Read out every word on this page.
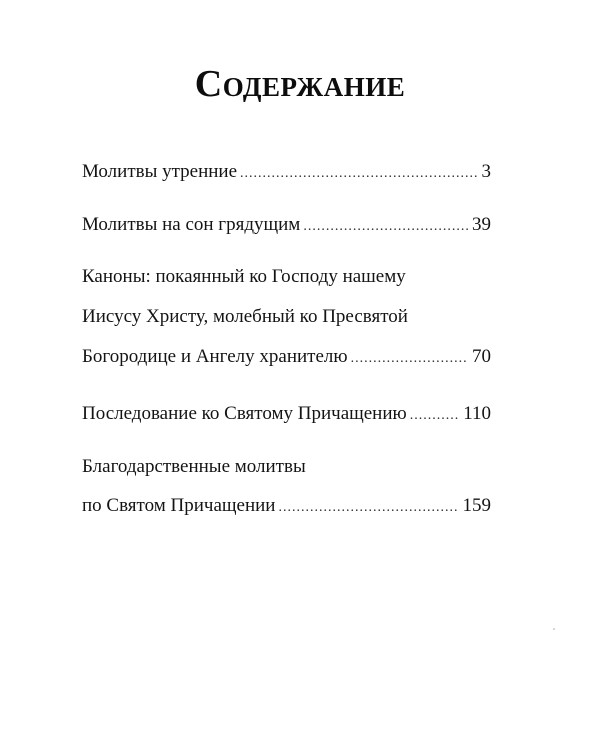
Содержание
Молитвы утренние .....	3
Молитвы на сон грядущим .....	39
Каноны: покаянный ко Господу нашему
Иисусу Христу, молебный ко Пресвятой
Богородице и Ангелу хранителю .....	70
Последование ко Святому Причащению .....	110
Благодарственные молитвы
по Святом Причащении .....	159
